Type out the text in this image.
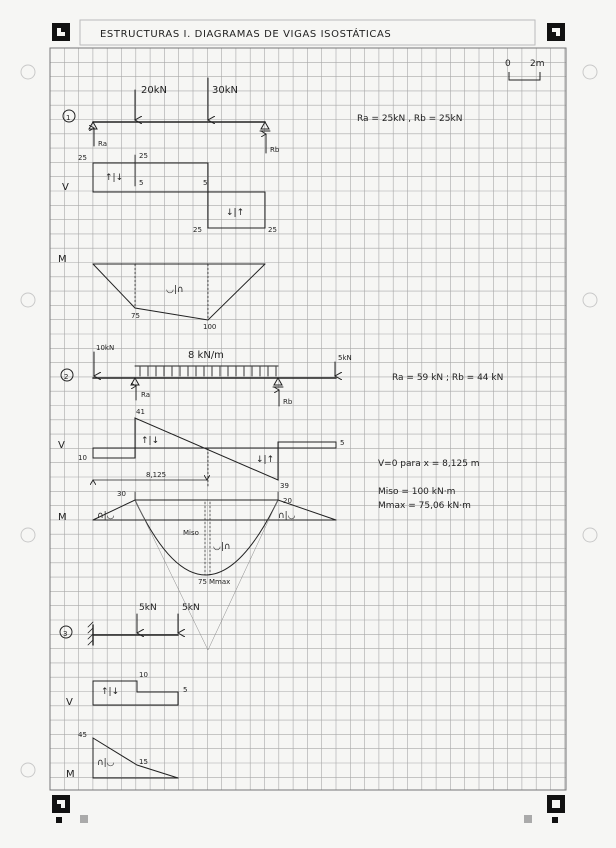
ESTRUCTURAS I. DIAGRAMAS DE VIGAS ISOSTÁTICAS
0 2m
1
20kN	30kN
Ra
Rb
Ra = 25kN , Rb = 25kN
V
25	25
5	5
25	25
↑|↓
↓|↑
M
75
100
◡|∩
2
10kN
8 kN/m	5kN
Ra
Rb
Ra = 59 kN ; Rb = 44 kN
V
41
10
5
39
8,125
↑|↓
↓|↑
M
30
20
75 Mmax
Miso
∩|◡
◡|∩
∩|◡
V=0 para x = 8,125 m
Miso = 100 kN·m
Mmax = 75,06 kN·m
3
5kN	5kN
V
10
5
↑|↓
M
45
15
∩|◡
